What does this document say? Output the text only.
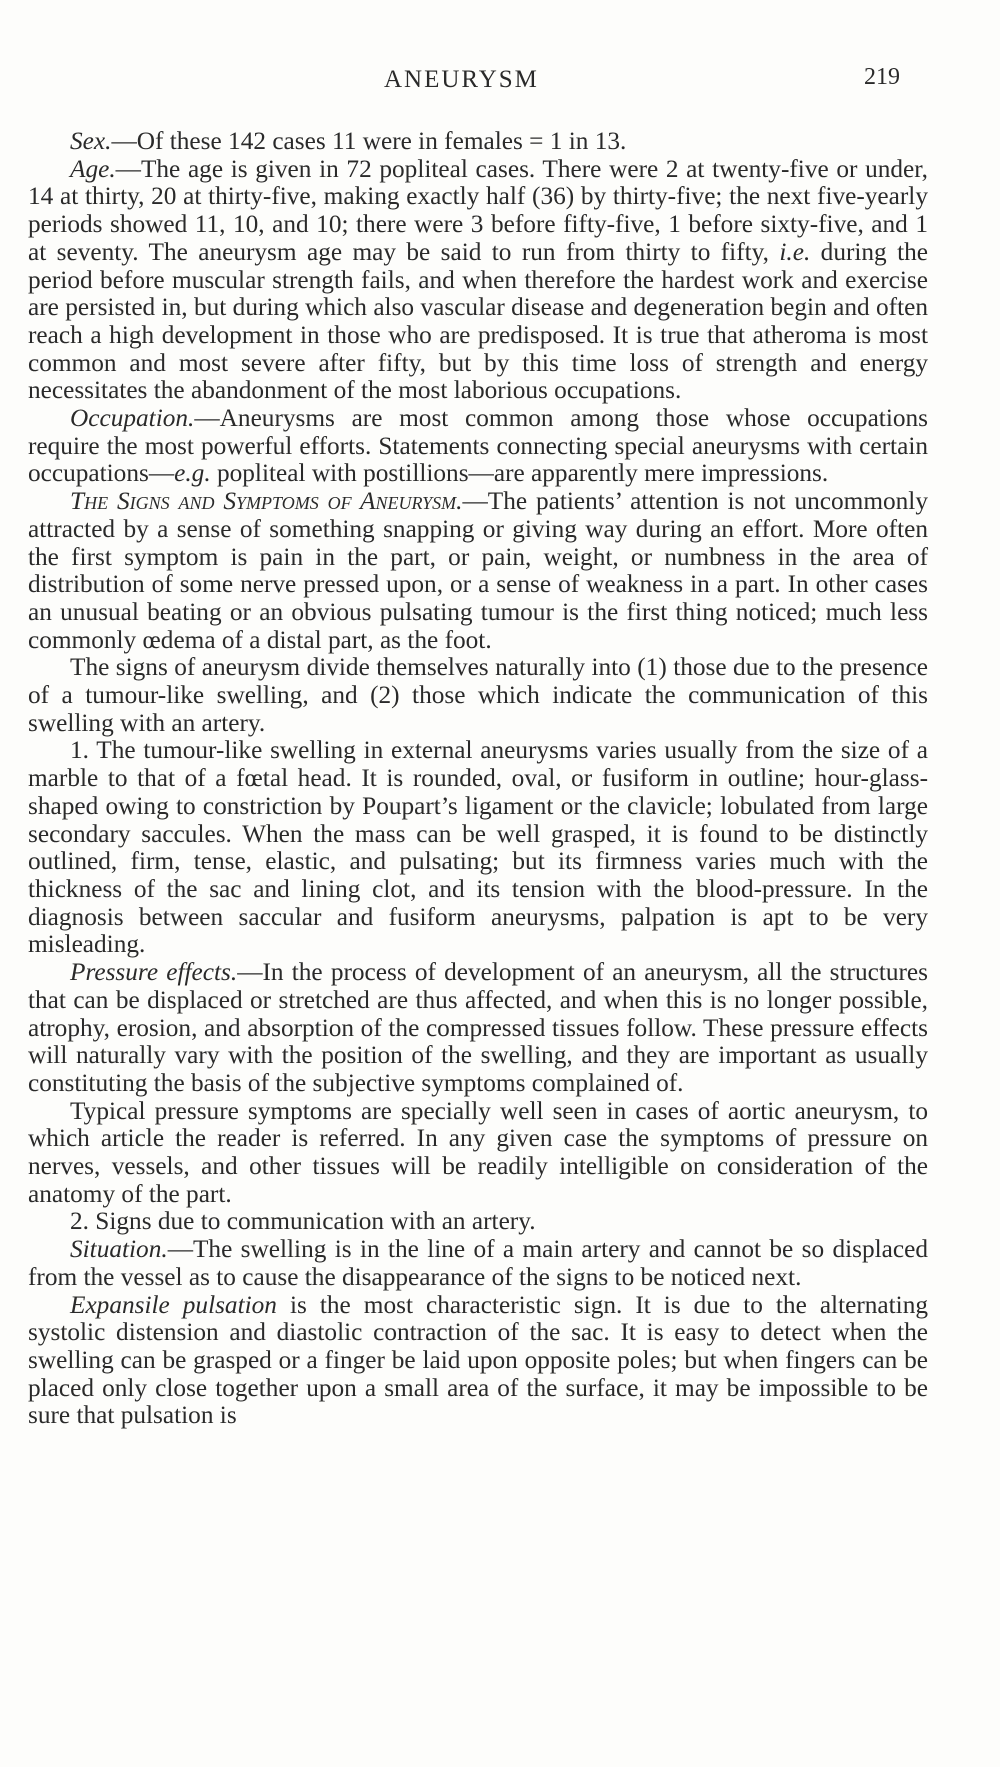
ANEURYSM	219

Sex.—Of these 142 cases 11 were in females = 1 in 13.

Age.—The age is given in 72 popliteal cases. There were 2 at twenty-five or under, 14 at thirty, 20 at thirty-five, making exactly half (36) by thirty-five; the next five-yearly periods showed 11, 10, and 10; there were 3 before fifty-five, 1 before sixty-five, and 1 at seventy. The aneurysm age may be said to run from thirty to fifty, i.e. during the period before muscular strength fails, and when therefore the hardest work and exercise are persisted in, but during which also vascular disease and degeneration begin and often reach a high development in those who are predisposed. It is true that atheroma is most common and most severe after fifty, but by this time loss of strength and energy necessitates the abandonment of the most laborious occupations.

Occupation.—Aneurysms are most common among those whose occupations require the most powerful efforts. Statements connecting special aneurysms with certain occupations—e.g. popliteal with postillions—are apparently mere impressions.

The Signs and Symptoms of Aneurysm.—The patients’ attention is not uncommonly attracted by a sense of something snapping or giving way during an effort. More often the first symptom is pain in the part, or pain, weight, or numbness in the area of distribution of some nerve pressed upon, or a sense of weakness in a part. In other cases an unusual beating or an obvious pulsating tumour is the first thing noticed; much less commonly œdema of a distal part, as the foot.

The signs of aneurysm divide themselves naturally into (1) those due to the presence of a tumour-like swelling, and (2) those which indicate the communication of this swelling with an artery.

1. The tumour-like swelling in external aneurysms varies usually from the size of a marble to that of a fœtal head. It is rounded, oval, or fusiform in outline; hour-glass-shaped owing to constriction by Poupart’s ligament or the clavicle; lobulated from large secondary saccules. When the mass can be well grasped, it is found to be distinctly outlined, firm, tense, elastic, and pulsating; but its firmness varies much with the thickness of the sac and lining clot, and its tension with the blood-pressure. In the diagnosis between saccular and fusiform aneurysms, palpation is apt to be very misleading.

Pressure effects.—In the process of development of an aneurysm, all the structures that can be displaced or stretched are thus affected, and when this is no longer possible, atrophy, erosion, and absorption of the compressed tissues follow. These pressure effects will naturally vary with the position of the swelling, and they are important as usually constituting the basis of the subjective symptoms complained of.

Typical pressure symptoms are specially well seen in cases of aortic aneurysm, to which article the reader is referred. In any given case the symptoms of pressure on nerves, vessels, and other tissues will be readily intelligible on consideration of the anatomy of the part.

2. Signs due to communication with an artery.

Situation.—The swelling is in the line of a main artery and cannot be so displaced from the vessel as to cause the disappearance of the signs to be noticed next.

Expansile pulsation is the most characteristic sign. It is due to the alternating systolic distension and diastolic contraction of the sac. It is easy to detect when the swelling can be grasped or a finger be laid upon opposite poles; but when fingers can be placed only close together upon a small area of the surface, it may be impossible to be sure that pulsation is
